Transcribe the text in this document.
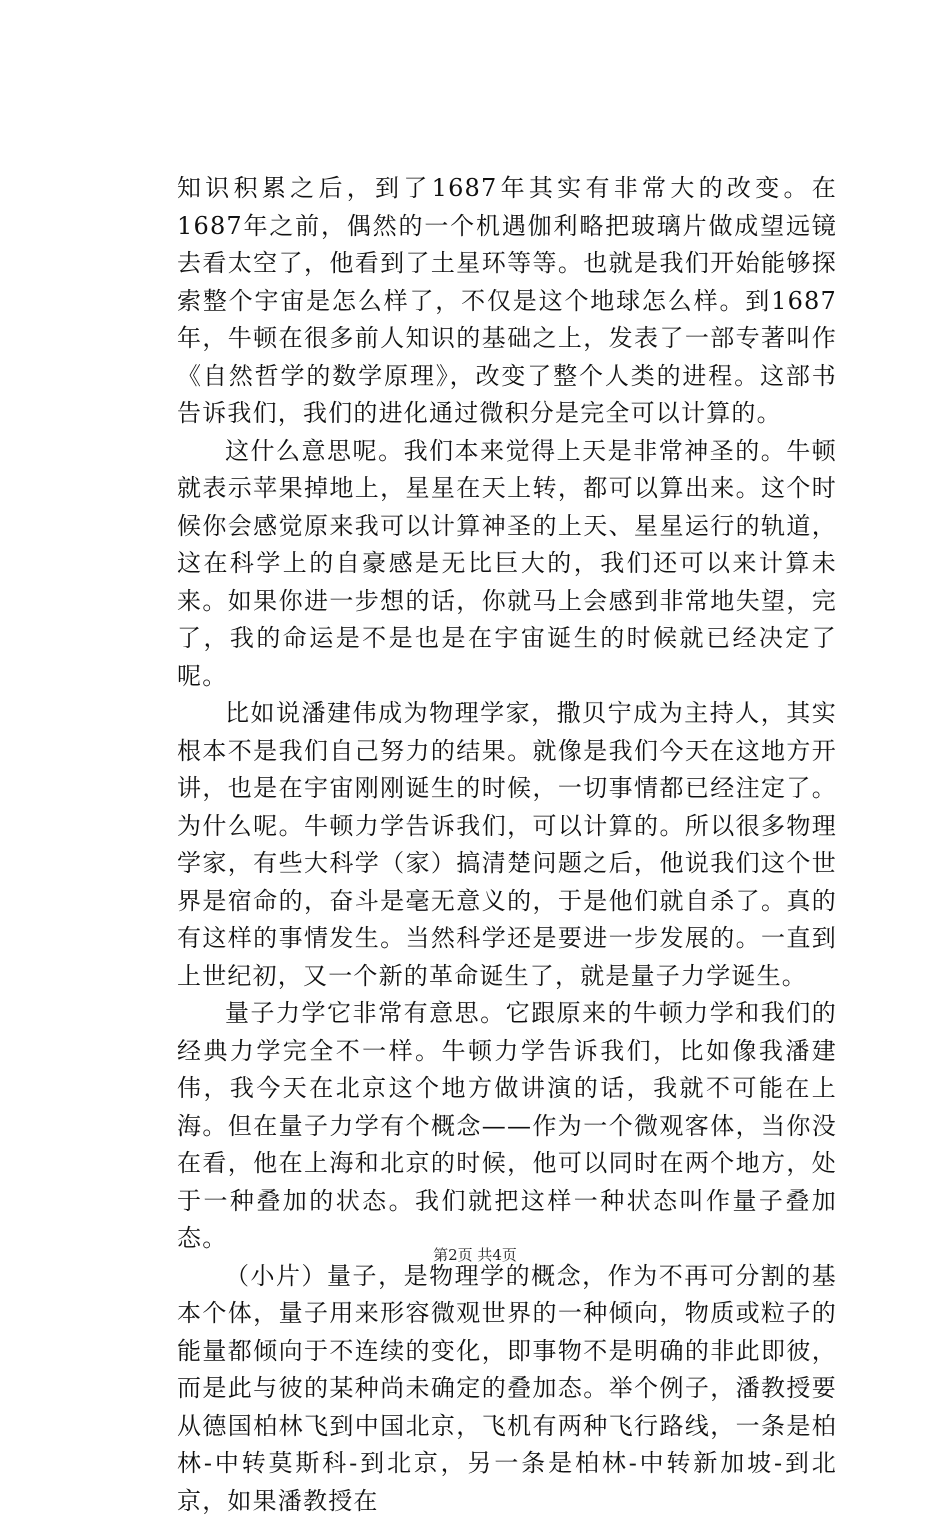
知识积累之后，到了1687年其实有非常大的改变。在1687年之前，偶然的一个机遇伽利略把玻璃片做成望远镜去看太空了，他看到了土星环等等。也就是我们开始能够探索整个宇宙是怎么样了，不仅是这个地球怎么样。到1687年，牛顿在很多前人知识的基础之上，发表了一部专著叫作《自然哲学的数学原理》，改变了整个人类的进程。这部书告诉我们，我们的进化通过微积分是完全可以计算的。

这什么意思呢。我们本来觉得上天是非常神圣的。牛顿就表示苹果掉地上，星星在天上转，都可以算出来。这个时候你会感觉原来我可以计算神圣的上天、星星运行的轨道，这在科学上的自豪感是无比巨大的，我们还可以来计算未来。如果你进一步想的话，你就马上会感到非常地失望，完了，我的命运是不是也是在宇宙诞生的时候就已经决定了呢。

比如说潘建伟成为物理学家，撒贝宁成为主持人，其实根本不是我们自己努力的结果。就像是我们今天在这地方开讲，也是在宇宙刚刚诞生的时候，一切事情都已经注定了。为什么呢。牛顿力学告诉我们，可以计算的。所以很多物理学家，有些大科学（家）搞清楚问题之后，他说我们这个世界是宿命的，奋斗是毫无意义的，于是他们就自杀了。真的有这样的事情发生。当然科学还是要进一步发展的。一直到上世纪初，又一个新的革命诞生了，就是量子力学诞生。

量子力学它非常有意思。它跟原来的牛顿力学和我们的经典力学完全不一样。牛顿力学告诉我们，比如像我潘建伟，我今天在北京这个地方做讲演的话，我就不可能在上海。但在量子力学有个概念——作为一个微观客体，当你没在看，他在上海和北京的时候，他可以同时在两个地方，处于一种叠加的状态。我们就把这样一种状态叫作量子叠加态。

（小片）量子，是物理学的概念，作为不再可分割的基本个体，量子用来形容微观世界的一种倾向，物质或粒子的能量都倾向于不连续的变化，即事物不是明确的非此即彼，而是此与彼的某种尚未确定的叠加态。举个例子，潘教授要从德国柏林飞到中国北京，飞机有两种飞行路线，一条是柏林-中转莫斯科-到北京，另一条是柏林-中转新加坡-到北京，如果潘教授在

第2页 共4页
